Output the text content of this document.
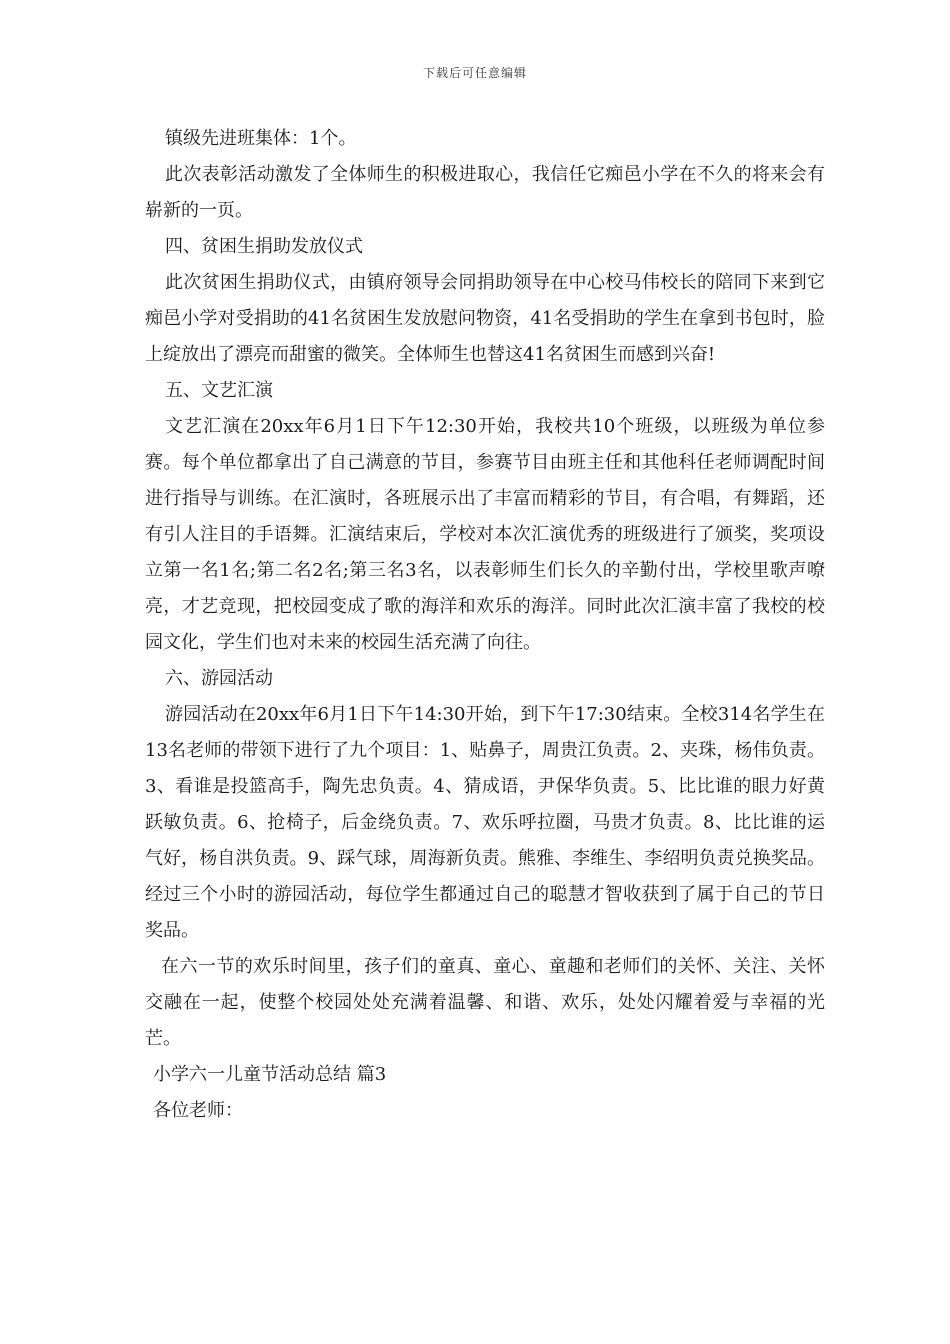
下载后可任意编辑

镇级先进班集体：1个。

此次表彰活动激发了全体师生的积极进取心，我信任它痴邑小学在不久的将来会有崭新的一页。

四、贫困生捐助发放仪式

此次贫困生捐助仪式，由镇府领导会同捐助领导在中心校马伟校长的陪同下来到它痴邑小学对受捐助的41名贫困生发放慰问物资，41名受捐助的学生在拿到书包时，脸上绽放出了漂亮而甜蜜的微笑。全体师生也替这41名贫困生而感到兴奋!

五、文艺汇演

文艺汇演在20xx年6月1日下午12:30开始，我校共10个班级，以班级为单位参赛。每个单位都拿出了自己满意的节目，参赛节目由班主任和其他科任老师调配时间进行指导与训练。在汇演时，各班展示出了丰富而精彩的节目，有合唱，有舞蹈，还有引人注目的手语舞。汇演结束后，学校对本次汇演优秀的班级进行了颁奖，奖项设立第一名1名;第二名2名;第三名3名，以表彰师生们长久的辛勤付出，学校里歌声嘹亮，才艺竞现，把校园变成了歌的海洋和欢乐的海洋。同时此次汇演丰富了我校的校园文化，学生们也对未来的校园生活充满了向往。

六、游园活动

游园活动在20xx年6月1日下午14:30开始，到下午17:30结束。全校314名学生在13名老师的带领下进行了九个项目：1、贴鼻子，周贵江负责。2、夹珠，杨伟负责。3、看谁是投篮高手，陶先忠负责。4、猜成语，尹保华负责。5、比比谁的眼力好黄跃敏负责。6、抢椅子，后金绕负责。7、欢乐呼拉圈，马贵才负责。8、比比谁的运气好，杨自洪负责。9、踩气球，周海新负责。熊雅、李维生、李绍明负责兑换奖品。经过三个小时的游园活动，每位学生都通过自己的聪慧才智收获到了属于自己的节日奖品。

在六一节的欢乐时间里，孩子们的童真、童心、童趣和老师们的关怀、关注、关怀交融在一起，使整个校园处处充满着温馨、和谐、欢乐，处处闪耀着爱与幸福的光芒。

小学六一儿童节活动总结 篇3

各位老师：
